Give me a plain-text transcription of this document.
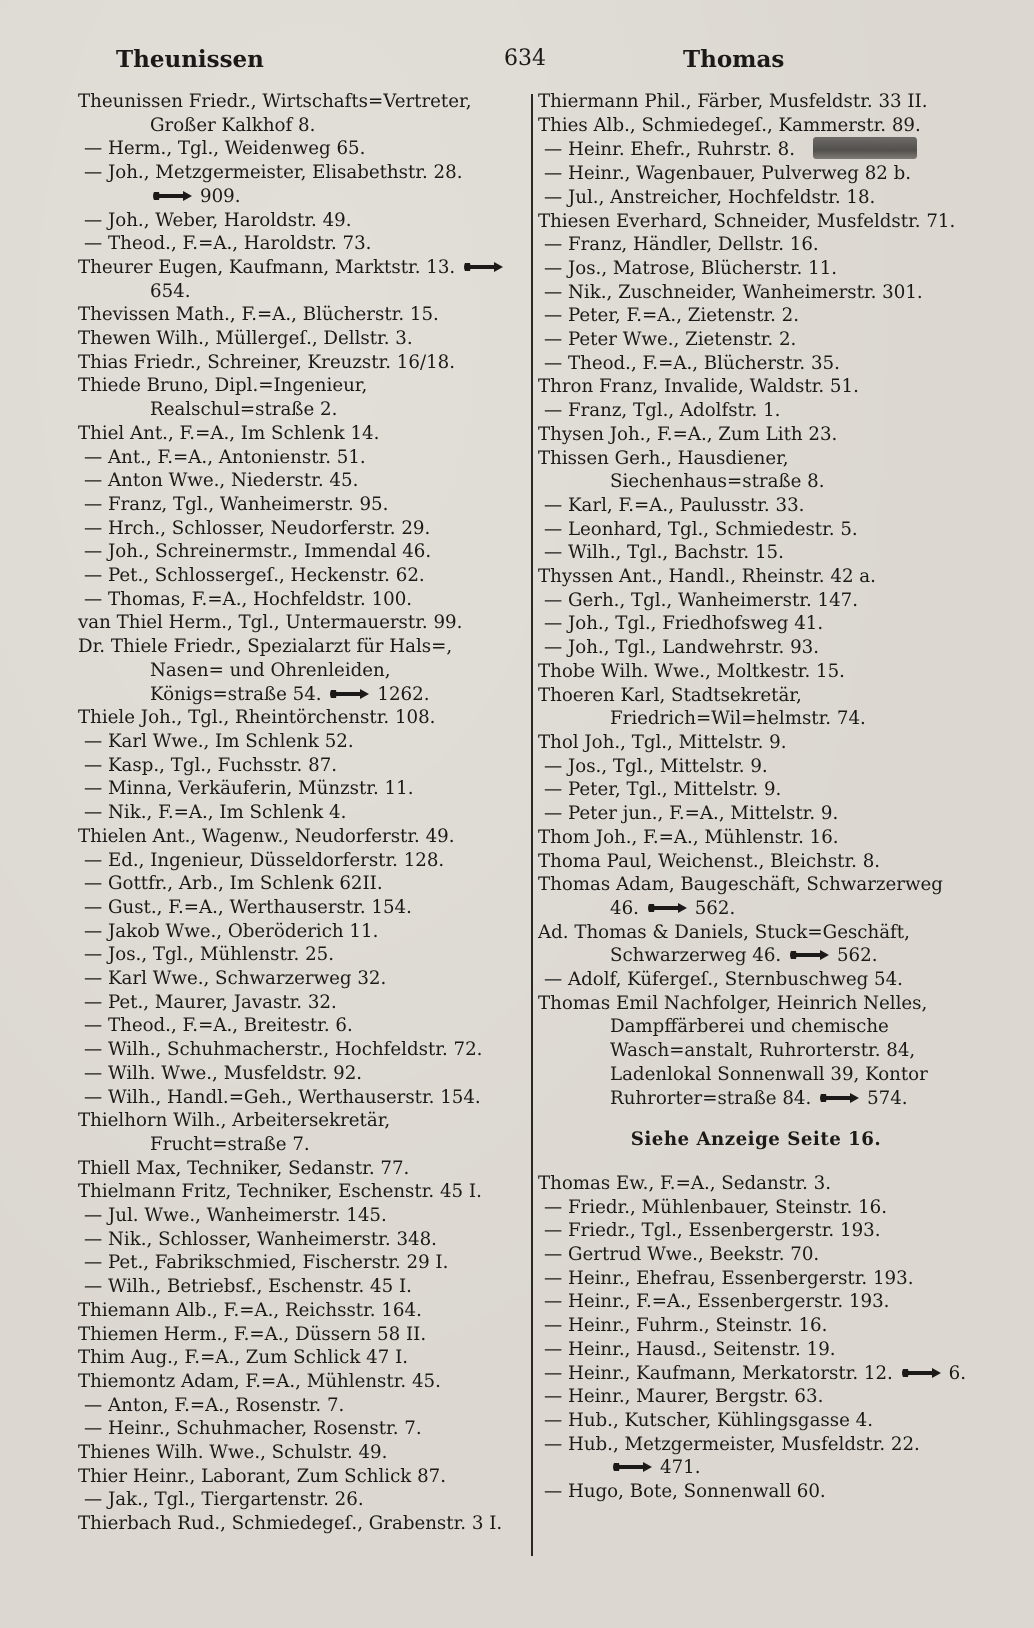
Theunissen	634	Thomas
Theunissen Friedr., Wirtschafts=Vertreter, Großer Kalkhof 8.
— Herm., Tgl., Weidenweg 65.
— Joh., Metzgermeister, Elisabethstr. 28.
909.
— Joh., Weber, Haroldstr. 49.
— Theod., F.=A., Haroldstr. 73.
Theurer Eugen, Kaufmann, Marktstr. 13.
654.
Thevissen Math., F.=A., Blücherstr. 15.
Thewen Wilh., Müllergeſ., Dellstr. 3.
Thias Friedr., Schreiner, Kreuzstr. 16/18.
Thiede Bruno, Dipl.=Ingenieur, Realschul=straße 2.
Thiel Ant., F.=A., Im Schlenk 14.
— Ant., F.=A., Antonienstr. 51.
— Anton Wwe., Niederstr. 45.
— Franz, Tgl., Wanheimerstr. 95.
— Hrch., Schlosser, Neudorferstr. 29.
— Joh., Schreinermstr., Immendal 46.
— Pet., Schlossergeſ., Heckenstr. 62.
— Thomas, F.=A., Hochfeldstr. 100.
van Thiel Herm., Tgl., Untermauerstr. 99.
Dr. Thiele Friedr., Spezialarzt für Hals=, Nasen= und Ohrenleiden, Königs=straße 54.	1262.
Thiele Joh., Tgl., Rheintörchenstr. 108.
— Karl Wwe., Im Schlenk 52.
— Kasp., Tgl., Fuchsstr. 87.
— Minna, Verkäuferin, Münzstr. 11.
— Nik., F.=A., Im Schlenk 4.
Thielen Ant., Wagenw., Neudorferstr. 49.
— Ed., Ingenieur, Düsseldorferstr. 128.
— Gottfr., Arb., Im Schlenk 62II.
— Gust., F.=A., Werthauserstr. 154.
— Jakob Wwe., Oberöderich 11.
— Jos., Tgl., Mühlenstr. 25.
— Karl Wwe., Schwarzerweg 32.
— Pet., Maurer, Javastr. 32.
— Theod., F.=A., Breitestr. 6.
— Wilh., Schuhmacherstr., Hochfeldstr. 72.
— Wilh. Wwe., Musfeldstr. 92.
— Wilh., Handl.=Geh., Werthauserstr. 154.
Thielhorn Wilh., Arbeitersekretär, Frucht=straße 7.
Thiell Max, Techniker, Sedanstr. 77.
Thielmann Fritz, Techniker, Eschenstr. 45 I.
— Jul. Wwe., Wanheimerstr. 145.
— Nik., Schlosser, Wanheimerstr. 348.
— Pet., Fabrikschmied, Fischerstr. 29 I.
— Wilh., Betriebsf., Eschenstr. 45 I.
Thiemann Alb., F.=A., Reichsstr. 164.
Thiemen Herm., F.=A., Düssern 58 II.
Thim Aug., F.=A., Zum Schlick 47 I.
Thiemontz Adam, F.=A., Mühlenstr. 45.
— Anton, F.=A., Rosenstr. 7.
— Heinr., Schuhmacher, Rosenstr. 7.
Thienes Wilh. Wwe., Schulstr. 49.
Thier Heinr., Laborant, Zum Schlick 87.
— Jak., Tgl., Tiergartenstr. 26.
Thierbach Rud., Schmiedegeſ., Grabenstr. 3 I.
Thiermann Phil., Färber, Musfeldstr. 33 II.
Thies Alb., Schmiedegeſ., Kammerstr. 89.
— Heinr. Ehefr., Ruhrstr. 8.
— Heinr., Wagenbauer, Pulverweg 82 b.
— Jul., Anstreicher, Hochfeldstr. 18.
Thiesen Everhard, Schneider, Musfeldstr. 71.
— Franz, Händler, Dellstr. 16.
— Jos., Matrose, Blücherstr. 11.
— Nik., Zuschneider, Wanheimerstr. 301.
— Peter, F.=A., Zietenstr. 2.
— Peter Wwe., Zietenstr. 2.
— Theod., F.=A., Blücherstr. 35.
Thron Franz, Invalide, Waldstr. 51.
— Franz, Tgl., Adolfstr. 1.
Thysen Joh., F.=A., Zum Lith 23.
Thissen Gerh., Hausdiener, Siechenhaus=straße 8.
— Karl, F.=A., Paulusstr. 33.
— Leonhard, Tgl., Schmiedestr. 5.
— Wilh., Tgl., Bachstr. 15.
Thyssen Ant., Handl., Rheinstr. 42 a.
— Gerh., Tgl., Wanheimerstr. 147.
— Joh., Tgl., Friedhofsweg 41.
— Joh., Tgl., Landwehrstr. 93.
Thobe Wilh. Wwe., Moltkestr. 15.
Thoeren Karl, Stadtsekretär, Friedrich=Wil=helmstr. 74.
Thol Joh., Tgl., Mittelstr. 9.
— Jos., Tgl., Mittelstr. 9.
— Peter, Tgl., Mittelstr. 9.
— Peter jun., F.=A., Mittelstr. 9.
Thom Joh., F.=A., Mühlenstr. 16.
Thoma Paul, Weichenst., Bleichstr. 8.
Thomas Adam, Baugeschäft, Schwarzerweg 46.	562.
Ad. Thomas & Daniels, Stuck=Geschäft, Schwarzerweg 46.	562.
— Adolf, Küfergeſ., Sternbuschweg 54.
Thomas Emil Nachfolger, Heinrich Nelles, Dampffärberei und chemische Wasch=anstalt, Ruhrorterstr. 84, Ladenlokal Sonnenwall 39, Kontor Ruhrorter=straße 84.	574.
Siehe Anzeige Seite 16.
Thomas Ew., F.=A., Sedanstr. 3.
— Friedr., Mühlenbauer, Steinstr. 16.
— Friedr., Tgl., Essenbergerstr. 193.
— Gertrud Wwe., Beekstr. 70.
— Heinr., Ehefrau, Essenbergerstr. 193.
— Heinr., F.=A., Essenbergerstr. 193.
— Heinr., Fuhrm., Steinstr. 16.
— Heinr., Hausd., Seitenstr. 19.
— Heinr., Kaufmann, Merkatorstr. 12.	6.
— Heinr., Maurer, Bergstr. 63.
— Hub., Kutscher, Kühlingsgasse 4.
— Hub., Metzgermeister, Musfeldstr. 22.
471.
— Hugo, Bote, Sonnenwall 60.
